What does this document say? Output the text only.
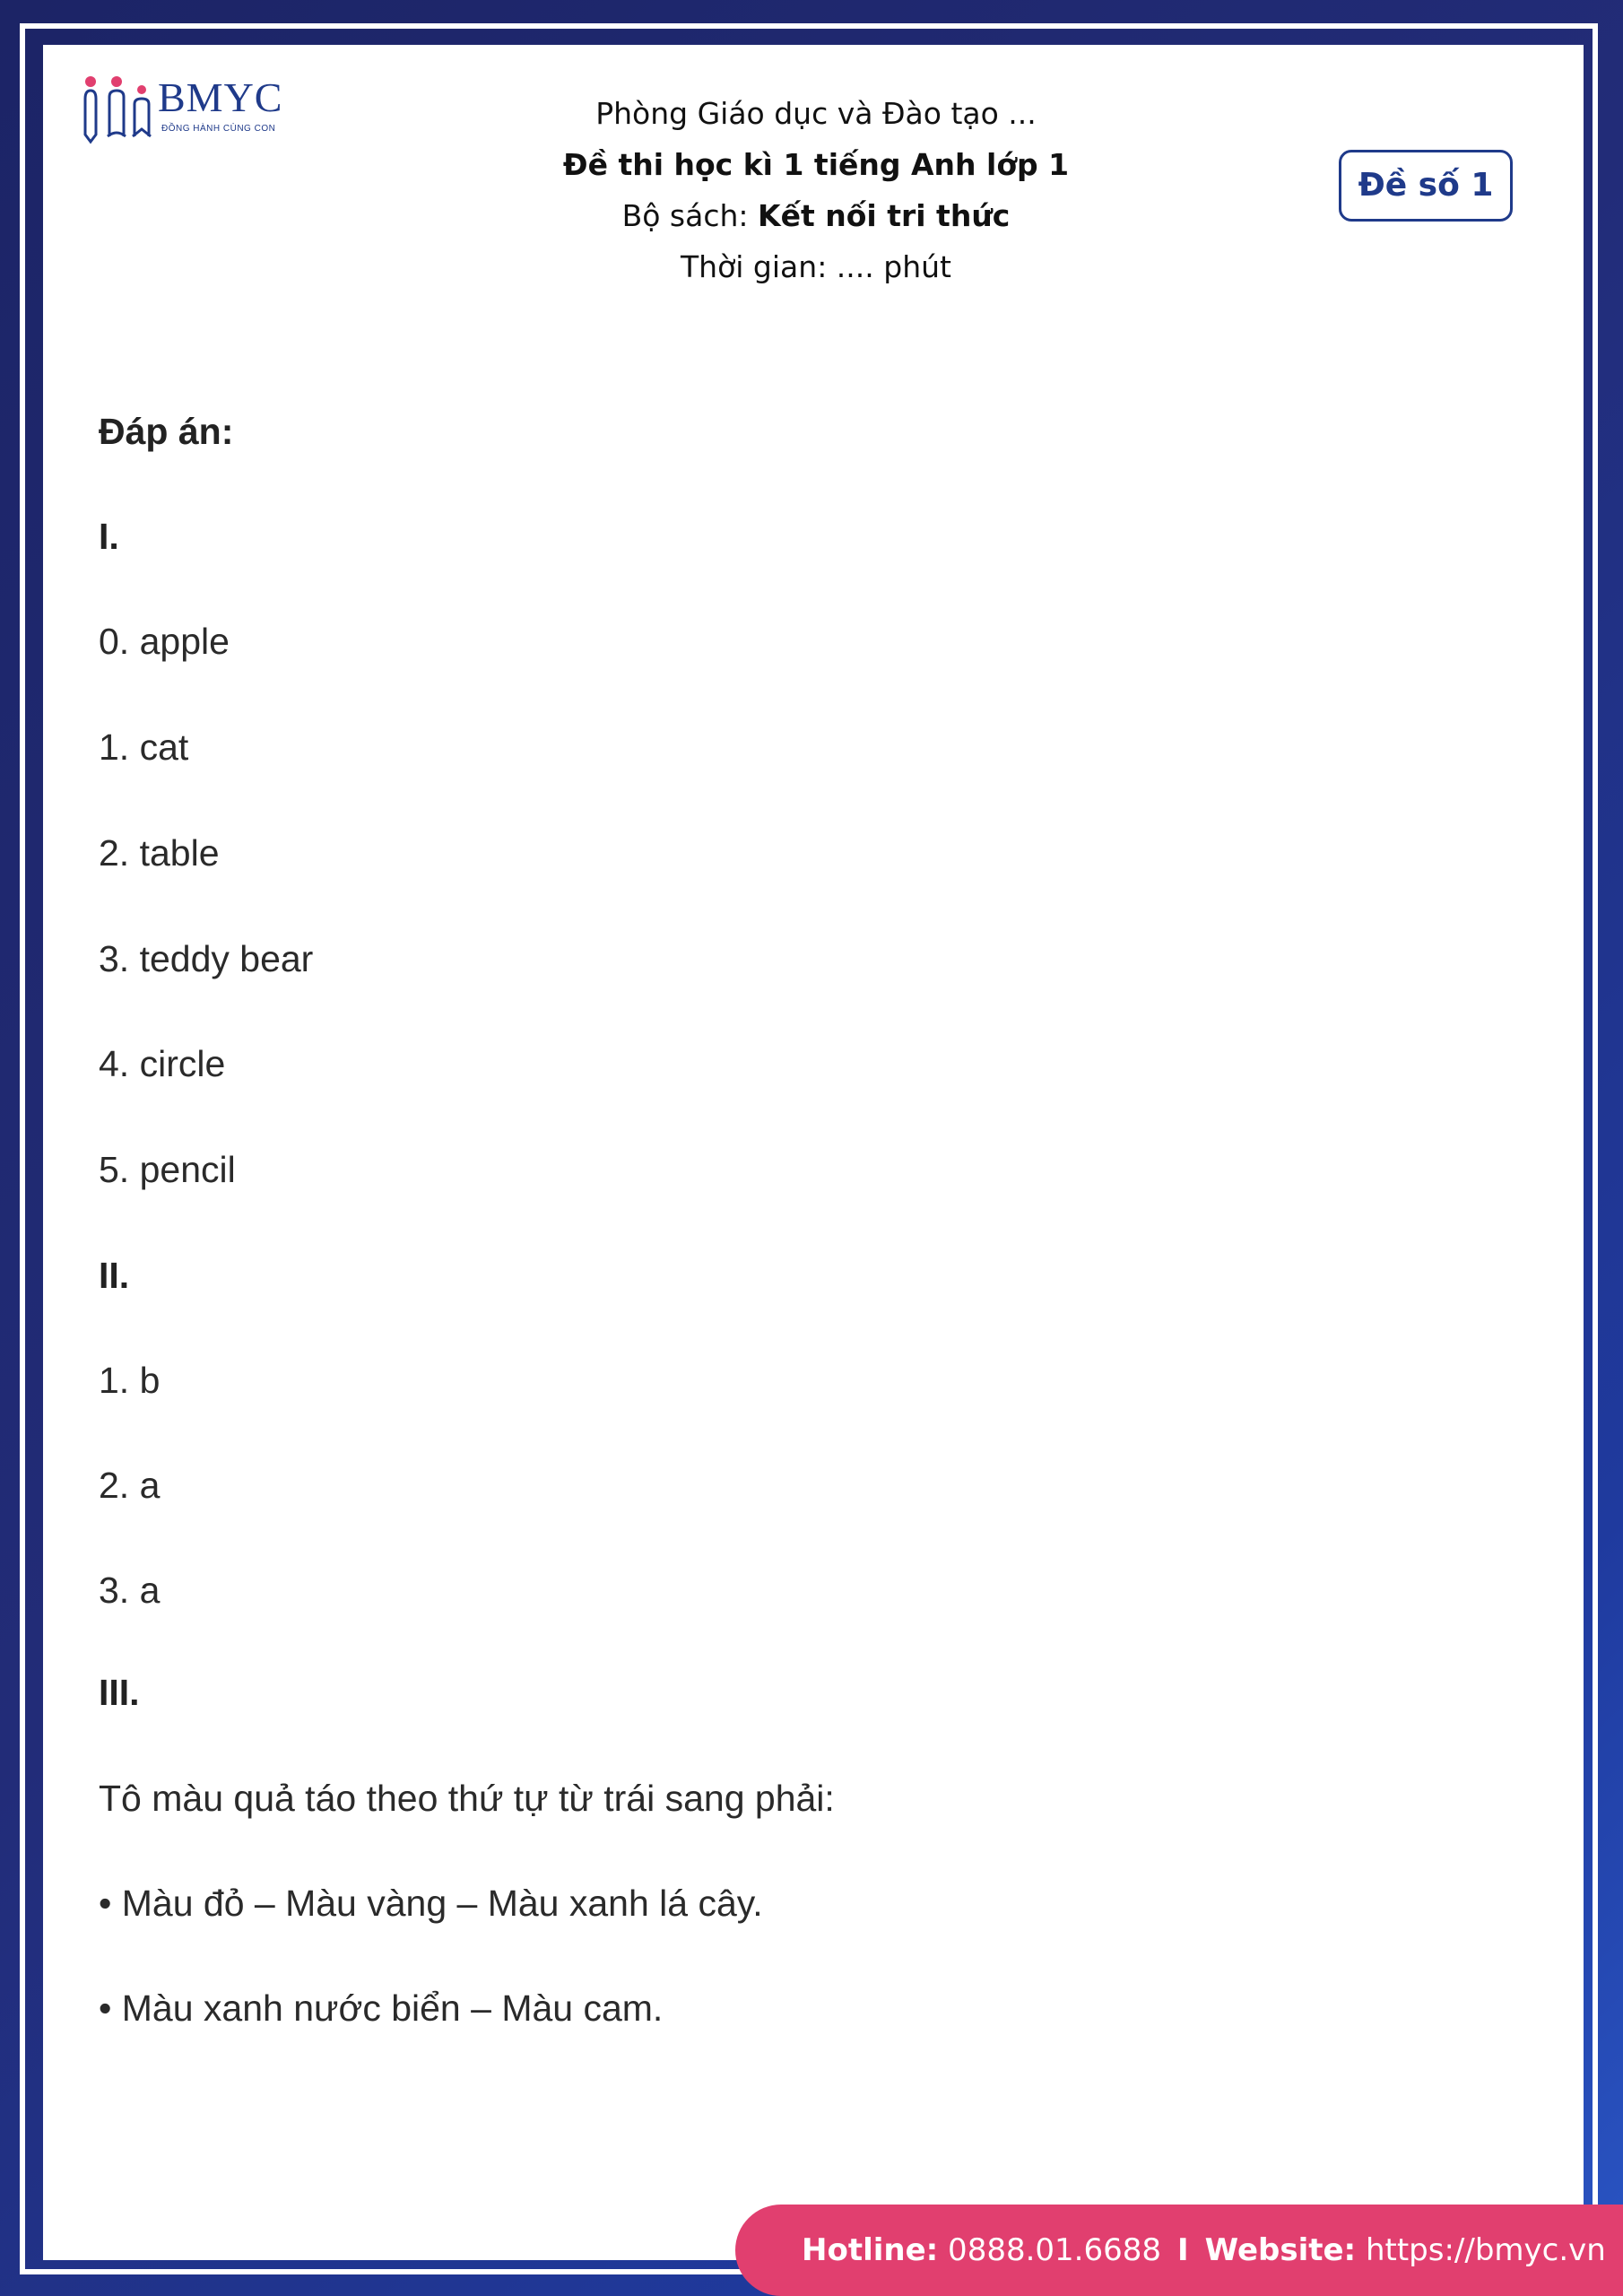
BMYC
ĐỒNG HÀNH CÙNG CON	Phòng Giáo dục và Đào tạo ...
Đề thi học kì 1 tiếng Anh lớp 1
Bộ sách: Kết nối tri thức
Thời gian: .... phút
Đề số 1
Đáp án:
I.
0. apple
1. cat
2. table
3. teddy bear
4. circle
5. pencil
II.
1. b
2. a
3. a
III.
Tô màu quả táo theo thứ tự từ trái sang phải:
• Màu đỏ – Màu vàng – Màu xanh lá cây.
• Màu xanh nước biển – Màu cam.
Hotline: 0888.01.6688 I Website: https://bmyc.vn
